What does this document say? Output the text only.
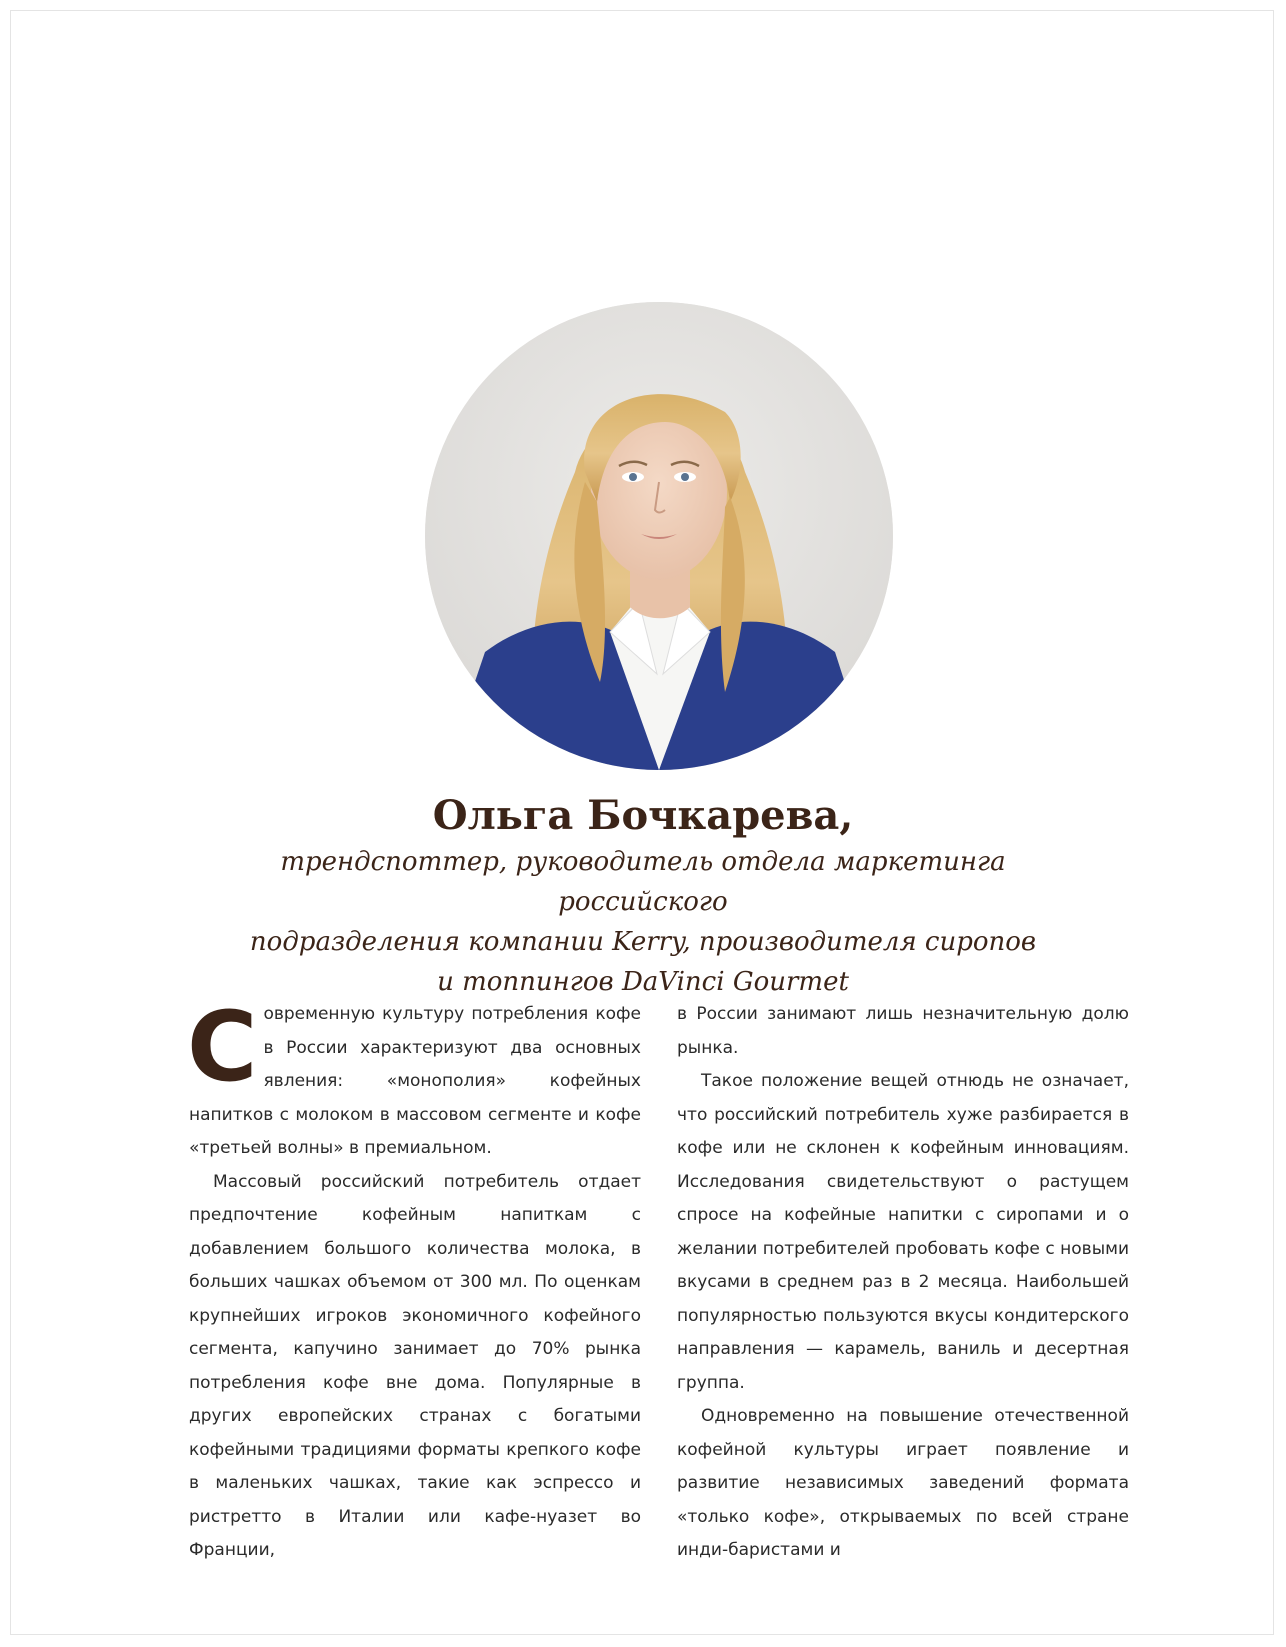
Ольга Бочкарева,
трендспоттер, руководитель отдела маркетинга российского
подразделения компании Kerry, производителя сиропов
и топпингов DaVinci Gourmet

С овременную культуру потребления кофе в России характеризуют два основных явления: «монополия» кофейных напитков с молоком в массовом сегменте и кофе «третьей волны» в премиальном.

Массовый российский потребитель отдает предпочтение кофейным напиткам с добавлением большого количества молока, в больших чашках объемом от 300 мл. По оценкам крупнейших игроков экономичного кофейного сегмента, капучино занимает до 70% рынка потребления кофе вне дома. Популярные в других европейских странах с богатыми кофейными традициями форматы крепкого кофе в маленьких чашках, такие как эспрессо и ристретто в Италии или кафе-нуазет во Франции,

в России занимают лишь незначительную долю рынка.

Такое положение вещей отнюдь не означает, что российский потребитель хуже разбирается в кофе или не склонен к кофейным инновациям. Исследования свидетельствуют о растущем спросе на кофейные напитки с сиропами и о желании потребителей пробовать кофе с новыми вкусами в среднем раз в 2 месяца. Наибольшей популярностью пользуются вкусы кондитерского направления — карамель, ваниль и десертная группа.

Одновременно на повышение отечественной кофейной культуры играет появление и развитие независимых заведений формата «только кофе», открываемых по всей стране инди-баристами и
